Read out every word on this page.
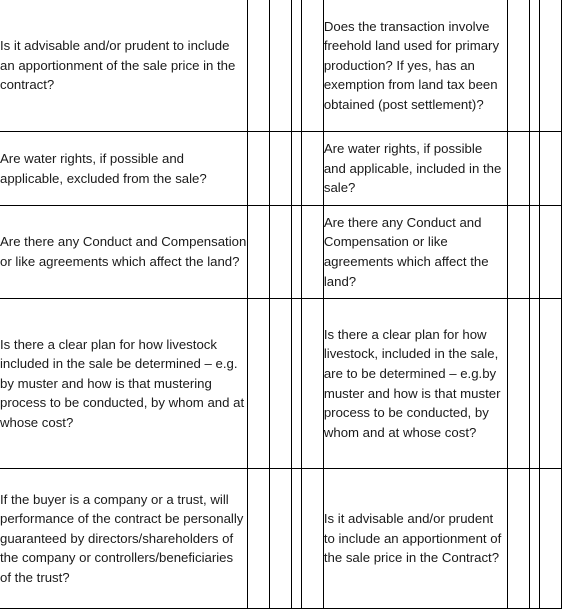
Is it advisable and/or prudent to include an apportionment of the sale price in the contract?					Does the transaction involve freehold land used for primary production? If yes, has an exemption from land tax been obtained (post settlement)?			
Are water rights, if possible and applicable, excluded from the sale?					Are water rights, if possible and applicable, included in the sale?			
Are there any Conduct and Compensation or like agreements which affect the land?					Are there any Conduct and Compensation or like agreements which affect the land?			
Is there a clear plan for how livestock included in the sale be determined – e.g. by muster and how is that mustering process to be conducted, by whom and at whose cost?					Is there a clear plan for how livestock, included in the sale, are to be determined – e.g.by muster and how is that muster process to be conducted, by whom and at whose cost?			
If the buyer is a company or a trust, will performance of the contract be personally guaranteed by directors/shareholders of the company or controllers/beneficiaries of the trust?					Is it advisable and/or prudent to include an apportionment of the sale price in the Contract?			
